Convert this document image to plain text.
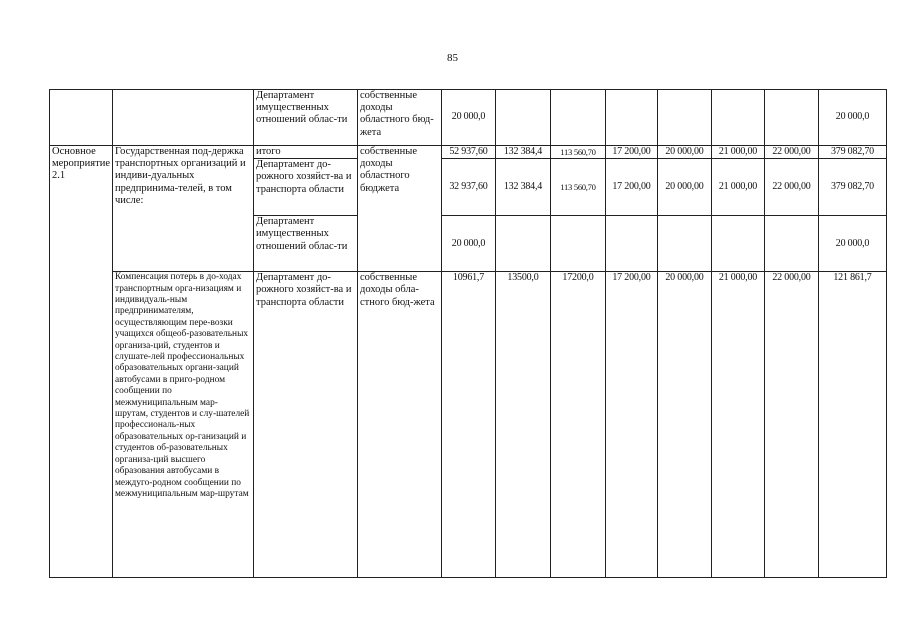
85
		Департамент имущественных отношений облас-ти	собственные доходы областного бюд-жета	20 000,0							20 000,0
Основное мероприятие 2.1	Государственная под-держка транспортных организаций и индиви-дуальных предпринима-телей, в том числе:	итого	собственные доходы областного бюджета	52 937,60	132 384,4	113 560,70	17 200,00	20 000,00	21 000,00	22 000,00	379 082,70
		Департамент до-рожного хозяйст-ва и транспорта области		32 937,60	132 384,4	113 560,70	17 200,00	20 000,00	21 000,00	22 000,00	379 082,70
		Департамент имущественных отношений облас-ти		20 000,0							20 000,0
	Компенсация потерь в до-ходах транспортным орга-низациям и индивидуаль-ным предпринимателям, осуществляющим пере-возки учащихся общеоб-разовательных организа-ций, студентов и слушате-лей профессиональных образовательных органи-заций автобусами в приго-родном сообщении по межмуниципальным мар-шрутам, студентов и слу-шателей профессиональ-ных образовательных ор-ганизаций и студентов об-разовательных организа-ций высшего образования автобусами в междуго-родном сообщении по межмуниципальным мар-шрутам	Департамент до-рожного хозяйст-ва и транспорта области	собственные доходы обла-стного бюд-жета	10961,7	13500,0	17200,0	17 200,00	20 000,00	21 000,00	22 000,00	121 861,7
